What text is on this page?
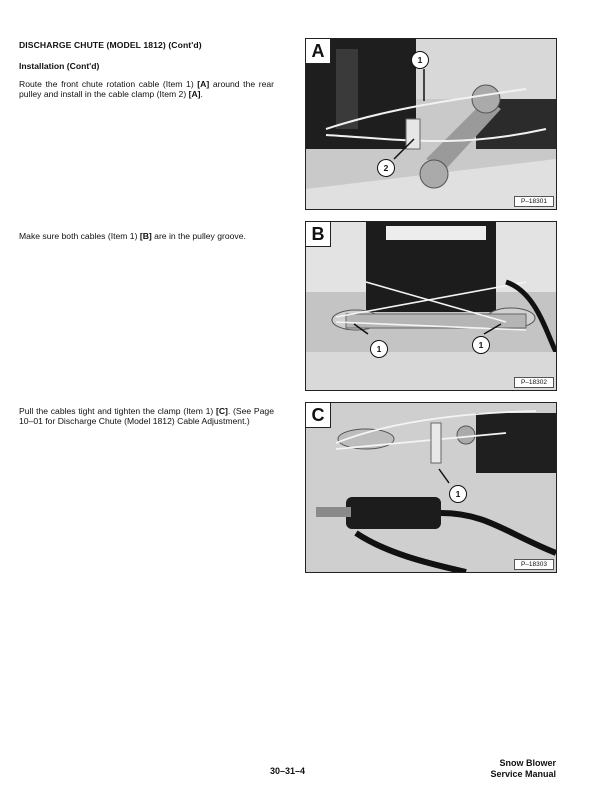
DISCHARGE CHUTE (MODEL 1812) (Cont'd)
Installation (Cont'd)
Route the front chute rotation cable (Item 1) [A] around the rear pulley and install in the cable clamp (Item 2) [A].
Make sure both cables (Item 1) [B] are in the pulley groove.
Pull the cables tight and tighten the clamp (Item 1) [C]. (See Page 10–01 for Discharge Chute (Model 1812) Cable Adjustment.)
A	1
2
P–18301
B
1	1
P–18302
C
1
P–18303
30–31–4
Snow Blower
Service Manual
